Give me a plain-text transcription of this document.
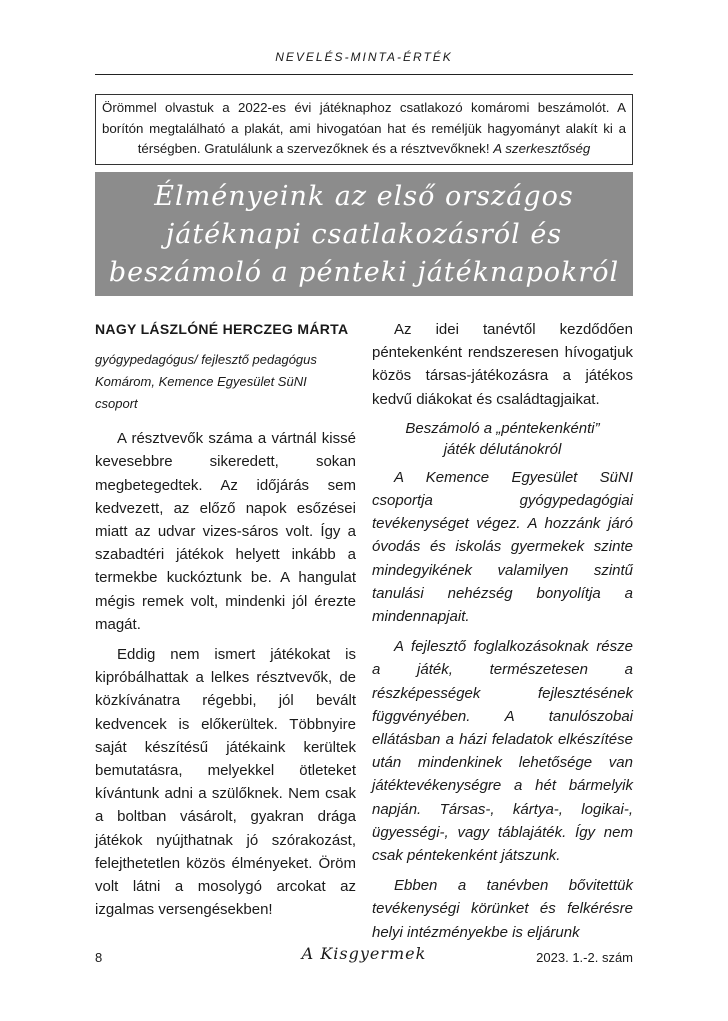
NEVELÉS-MINTA-ÉRTÉK
Örömmel olvastuk a 2022-es évi játéknaphoz csatlakozó komáromi beszámolót. A borítón megtalálható a plakát, ami hivogatóan hat és reméljük hagyományt alakít ki a térségben. Gratulálunk a szervezőknek és a résztvevőknek! A szerkesztőség
Élményeink az első országos
játéknapi csatlakozásról és
beszámoló a pénteki játéknapokról
NAGY LÁSZLÓNÉ HERCZEG MÁRTA
gyógypedagógus/ fejlesztő pedagógus
Komárom, Kemence Egyesület SüNI
csoport

A résztvevők száma a vártnál kissé kevesebbre sikeredett, sokan megbetegedtek. Az időjárás sem kedvezett, az előző napok esőzései miatt az udvar vizes-sáros volt. Így a szabadtéri játékok helyett inkább a termekbe kuckóztunk be. A hangulat mégis remek volt, mindenki jól érezte magát.

Eddig nem ismert játékokat is kipróbálhattak a lelkes résztvevők, de közkívánatra régebbi, jól bevált kedvencek is előkerültek. Többnyire saját készítésű játékaink kerültek bemutatásra, melyekkel ötleteket kívántunk adni a szülőknek. Nem csak a boltban vásárolt, gyakran drága játékok nyújthatnak jó szórakozást, felejthetetlen közös élményeket. Öröm volt látni a mosolygó arcokat az izgalmas versengésekben!

Az idei tanévtől kezdődően péntekenként rendszeresen hívogatjuk közös társas-játékozásra a játékos kedvű diákokat és családtagjaikat.

Beszámoló a „péntekenkénti”
játék délutánokról

A Kemence Egyesület SüNI csoportja gyógypedagógiai tevékenységet végez. A hozzánk járó óvodás és iskolás gyermekek szinte mindegyikének valamilyen szintű tanulási nehézség bonyolítja a mindennapjait.

A fejlesztő foglalkozásoknak része a játék, természetesen a részképességek fejlesztésének függvényében. A tanulószobai ellátásban a házi feladatok elkészítése után mindenkinek lehetősége van játéktevékenységre a hét bármelyik napján. Társas-, kártya-, logikai-, ügyességi-, vagy táblajáték. Így nem csak péntekenként játszunk.

Ebben a tanévben bővitettük tevékenységi körünket és felkérésre helyi intézményekbe is eljárunk

8	A Kisgyermek	2023. 1.-2. szám
